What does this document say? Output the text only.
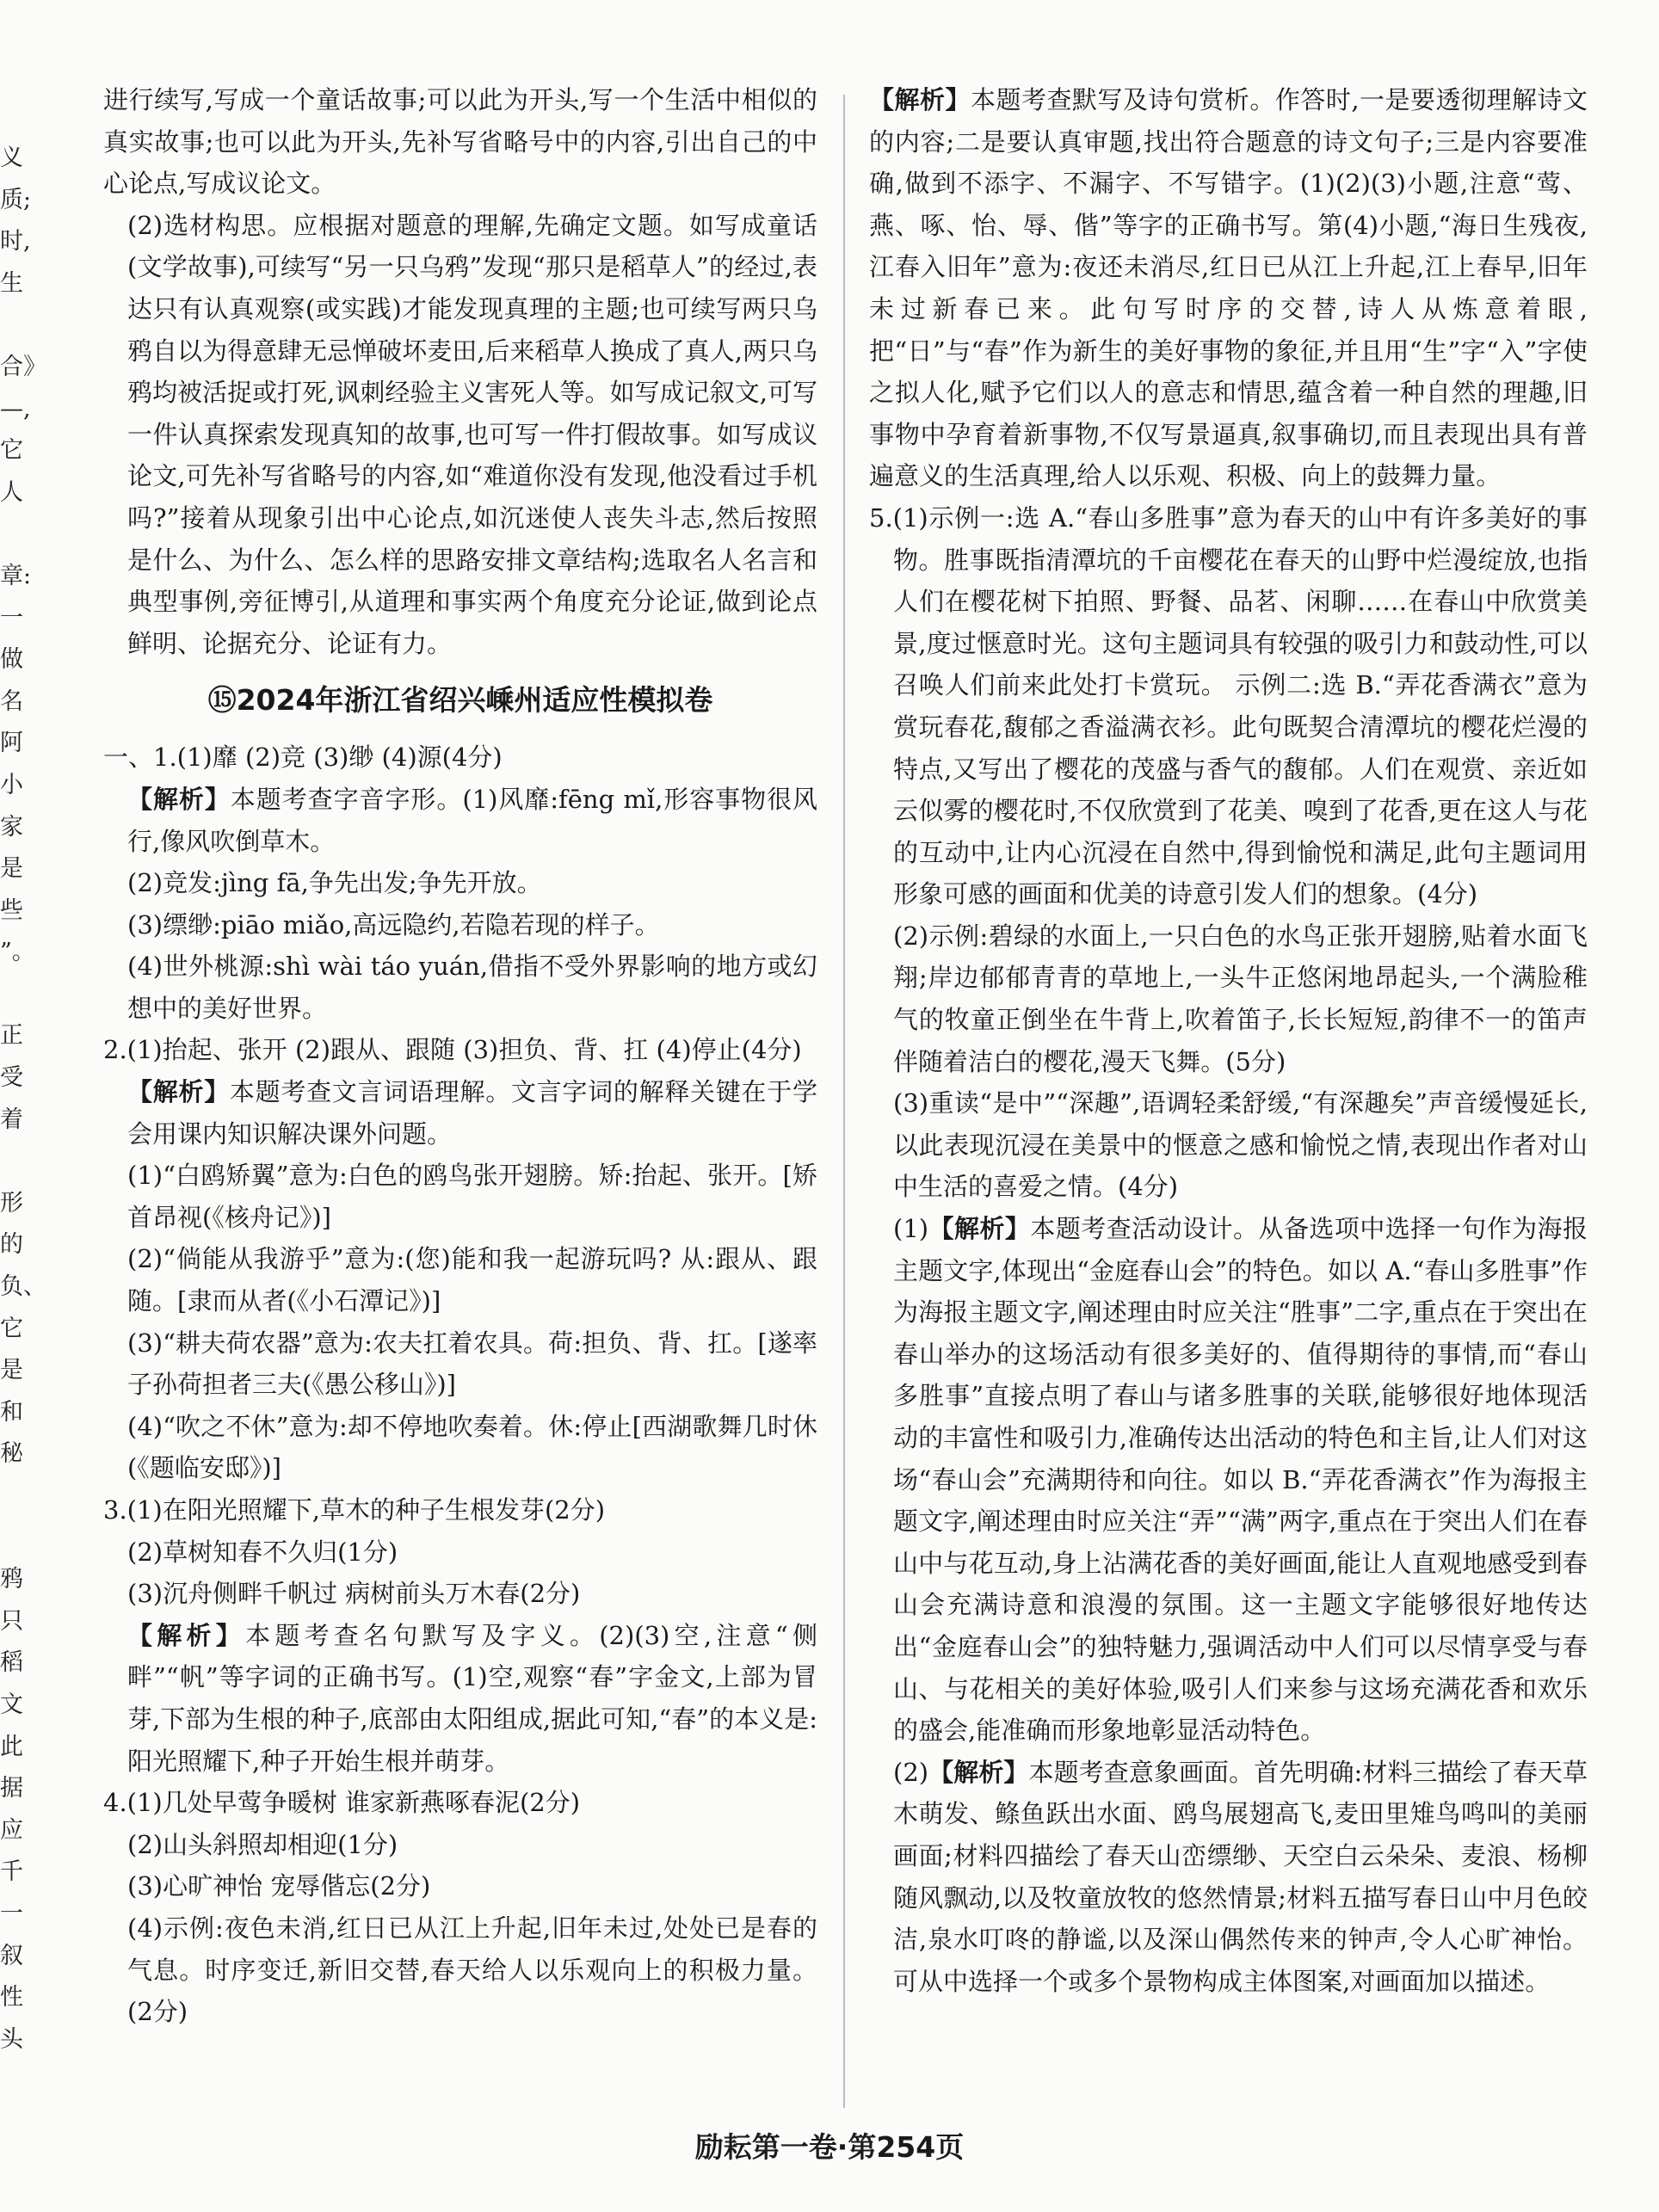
义
质;
时,
生
合》
—,
它
人
章:
一
做
名
阿
小
家
是
些
”。
正
受
着
形
的
负、
它
是
和
秘
鸦
只
稻
文
此
据
应
千
一
叙
性
头

进行续写,写成一个童话故事;可以此为开头,写一个生活中相似的真实故事;也可以此为开头,先补写省略号中的内容,引出自己的中心论点,写成议论文。

(2)选材构思。应根据对题意的理解,先确定文题。如写成童话(文学故事),可续写“另一只乌鸦”发现“那只是稻草人”的经过,表达只有认真观察(或实践)才能发现真理的主题;也可续写两只乌鸦自以为得意肆无忌惮破坏麦田,后来稻草人换成了真人,两只乌鸦均被活捉或打死,讽刺经验主义害死人等。如写成记叙文,可写一件认真探索发现真知的故事,也可写一件打假故事。如写成议论文,可先补写省略号的内容,如“难道你没有发现,他没看过手机吗?”接着从现象引出中心论点,如沉迷使人丧失斗志,然后按照是什么、为什么、怎么样的思路安排文章结构;选取名人名言和典型事例,旁征博引,从道理和事实两个角度充分论证,做到论点鲜明、论据充分、论证有力。

⑮2024年浙江省绍兴嵊州适应性模拟卷

一、1.(1)靡 (2)竞 (3)缈 (4)源(4分)

【解析】本题考查字音字形。(1)风靡:fēng mǐ,形容事物很风行,像风吹倒草木。

(2)竞发:jìng fā,争先出发;争先开放。

(3)缥缈:piāo miǎo,高远隐约,若隐若现的样子。

(4)世外桃源:shì wài táo yuán,借指不受外界影响的地方或幻想中的美好世界。

2.(1)抬起、张开 (2)跟从、跟随 (3)担负、背、扛 (4)停止(4分)

【解析】本题考查文言词语理解。文言字词的解释关键在于学会用课内知识解决课外问题。

(1)“白鸥矫翼”意为:白色的鸥鸟张开翅膀。矫:抬起、张开。[矫首昂视(《核舟记》)]

(2)“倘能从我游乎”意为:(您)能和我一起游玩吗? 从:跟从、跟随。[隶而从者(《小石潭记》)]

(3)“耕夫荷农器”意为:农夫扛着农具。荷:担负、背、扛。[遂率子孙荷担者三夫(《愚公移山》)]

(4)“吹之不休”意为:却不停地吹奏着。休:停止[西湖歌舞几时休(《题临安邸》)]

3.(1)在阳光照耀下,草木的种子生根发芽(2分)

(2)草树知春不久归(1分)

(3)沉舟侧畔千帆过 病树前头万木春(2分)

【解析】本题考查名句默写及字义。(2)(3)空,注意“侧畔”“帆”等字词的正确书写。(1)空,观察“春”字金文,上部为冒芽,下部为生根的种子,底部由太阳组成,据此可知,“春”的本义是:阳光照耀下,种子开始生根并萌芽。

4.(1)几处早莺争暖树 谁家新燕啄春泥(2分)

(2)山头斜照却相迎(1分)

(3)心旷神怡 宠辱偕忘(2分)

(4)示例:夜色未消,红日已从江上升起,旧年未过,处处已是春的气息。时序变迁,新旧交替,春天给人以乐观向上的积极力量。(2分)

【解析】本题考查默写及诗句赏析。作答时,一是要透彻理解诗文的内容;二是要认真审题,找出符合题意的诗文句子;三是内容要准确,做到不添字、不漏字、不写错字。(1)(2)(3)小题,注意“莺、燕、啄、怡、辱、偕”等字的正确书写。第(4)小题,“海日生残夜,江春入旧年”意为:夜还未消尽,红日已从江上升起,江上春早,旧年未过新春已来。此句写时序的交替,诗人从炼意着眼,把“日”与“春”作为新生的美好事物的象征,并且用“生”字“入”字使之拟人化,赋予它们以人的意志和情思,蕴含着一种自然的理趣,旧事物中孕育着新事物,不仅写景逼真,叙事确切,而且表现出具有普遍意义的生活真理,给人以乐观、积极、向上的鼓舞力量。

5.(1)示例一:选 A.“春山多胜事”意为春天的山中有许多美好的事物。胜事既指清潭坑的千亩樱花在春天的山野中烂漫绽放,也指人们在樱花树下拍照、野餐、品茗、闲聊……在春山中欣赏美景,度过惬意时光。这句主题词具有较强的吸引力和鼓动性,可以召唤人们前来此处打卡赏玩。 示例二:选 B.“弄花香满衣”意为赏玩春花,馥郁之香溢满衣衫。此句既契合清潭坑的樱花烂漫的特点,又写出了樱花的茂盛与香气的馥郁。人们在观赏、亲近如云似雾的樱花时,不仅欣赏到了花美、嗅到了花香,更在这人与花的互动中,让内心沉浸在自然中,得到愉悦和满足,此句主题词用形象可感的画面和优美的诗意引发人们的想象。(4分)

(2)示例:碧绿的水面上,一只白色的水鸟正张开翅膀,贴着水面飞翔;岸边郁郁青青的草地上,一头牛正悠闲地昂起头,一个满脸稚气的牧童正倒坐在牛背上,吹着笛子,长长短短,韵律不一的笛声伴随着洁白的樱花,漫天飞舞。(5分)

(3)重读“是中”“深趣”,语调轻柔舒缓,“有深趣矣”声音缓慢延长,以此表现沉浸在美景中的惬意之感和愉悦之情,表现出作者对山中生活的喜爱之情。(4分)

(1)【解析】本题考查活动设计。从备选项中选择一句作为海报主题文字,体现出“金庭春山会”的特色。如以 A.“春山多胜事”作为海报主题文字,阐述理由时应关注“胜事”二字,重点在于突出在春山举办的这场活动有很多美好的、值得期待的事情,而“春山多胜事”直接点明了春山与诸多胜事的关联,能够很好地体现活动的丰富性和吸引力,准确传达出活动的特色和主旨,让人们对这场“春山会”充满期待和向往。如以 B.“弄花香满衣”作为海报主题文字,阐述理由时应关注“弄”“满”两字,重点在于突出人们在春山中与花互动,身上沾满花香的美好画面,能让人直观地感受到春山会充满诗意和浪漫的氛围。这一主题文字能够很好地传达出“金庭春山会”的独特魅力,强调活动中人们可以尽情享受与春山、与花相关的美好体验,吸引人们来参与这场充满花香和欢乐的盛会,能准确而形象地彰显活动特色。

(2)【解析】本题考查意象画面。首先明确:材料三描绘了春天草木萌发、鲦鱼跃出水面、鸥鸟展翅高飞,麦田里雉鸟鸣叫的美丽画面;材料四描绘了春天山峦缥缈、天空白云朵朵、麦浪、杨柳随风飘动,以及牧童放牧的悠然情景;材料五描写春日山中月色皎洁,泉水叮咚的静谧,以及深山偶然传来的钟声,令人心旷神怡。可从中选择一个或多个景物构成主体图案,对画面加以描述。

励耘第一卷·第254页
